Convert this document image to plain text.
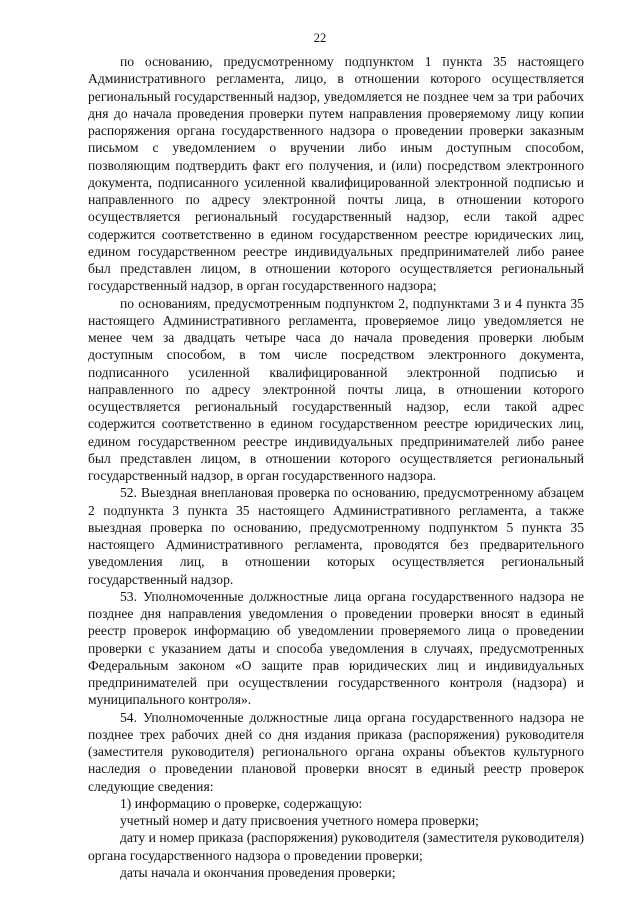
22

по основанию, предусмотренному подпунктом 1 пункта 35 настоящего Административного регламента, лицо, в отношении которого осуществляется региональный государственный надзор, уведомляется не позднее чем за три рабочих дня до начала проведения проверки путем направления проверяемому лицу копии распоряжения органа государственного надзора о проведении проверки заказным письмом с уведомлением о вручении либо иным доступным способом, позволяющим подтвердить факт его получения, и (или) посредством электронного документа, подписанного усиленной квалифицированной электронной подписью и направленного по адресу электронной почты лица, в отношении которого осуществляется региональный государственный надзор, если такой адрес содержится соответственно в едином государственном реестре юридических лиц, едином государственном реестре индивидуальных предпринимателей либо ранее был представлен лицом, в отношении которого осуществляется региональный государственный надзор, в орган государственного надзора;

по основаниям, предусмотренным подпунктом 2, подпунктами 3 и 4 пункта 35 настоящего Административного регламента, проверяемое лицо уведомляется не менее чем за двадцать четыре часа до начала проведения проверки любым доступным способом, в том числе посредством электронного документа, подписанного усиленной квалифицированной электронной подписью и направленного по адресу электронной почты лица, в отношении которого осуществляется региональный государственный надзор, если такой адрес содержится соответственно в едином государственном реестре юридических лиц, едином государственном реестре индивидуальных предпринимателей либо ранее был представлен лицом, в отношении которого осуществляется региональный государственный надзор, в орган государственного надзора.

52. Выездная внеплановая проверка по основанию, предусмотренному абзацем 2 подпункта 3 пункта 35 настоящего Административного регламента, а также выездная проверка по основанию, предусмотренному подпунктом 5 пункта 35 настоящего Административного регламента, проводятся без предварительного уведомления лиц, в отношении которых осуществляется региональный государственный надзор.

53. Уполномоченные должностные лица органа государственного надзора не позднее дня направления уведомления о проведении проверки вносят в единый реестр проверок информацию об уведомлении проверяемого лица о проведении проверки с указанием даты и способа уведомления в случаях, предусмотренных Федеральным законом «О защите прав юридических лиц и индивидуальных предпринимателей при осуществлении государственного контроля (надзора) и муниципального контроля».

54. Уполномоченные должностные лица органа государственного надзора не позднее трех рабочих дней со дня издания приказа (распоряжения) руководителя (заместителя руководителя) регионального органа охраны объектов культурного наследия о проведении плановой проверки вносят в единый реестр проверок следующие сведения:

1) информацию о проверке, содержащую:

учетный номер и дату присвоения учетного номера проверки;

дату и номер приказа (распоряжения) руководителя (заместителя руководителя) органа государственного надзора о проведении проверки;

даты начала и окончания проведения проверки;
